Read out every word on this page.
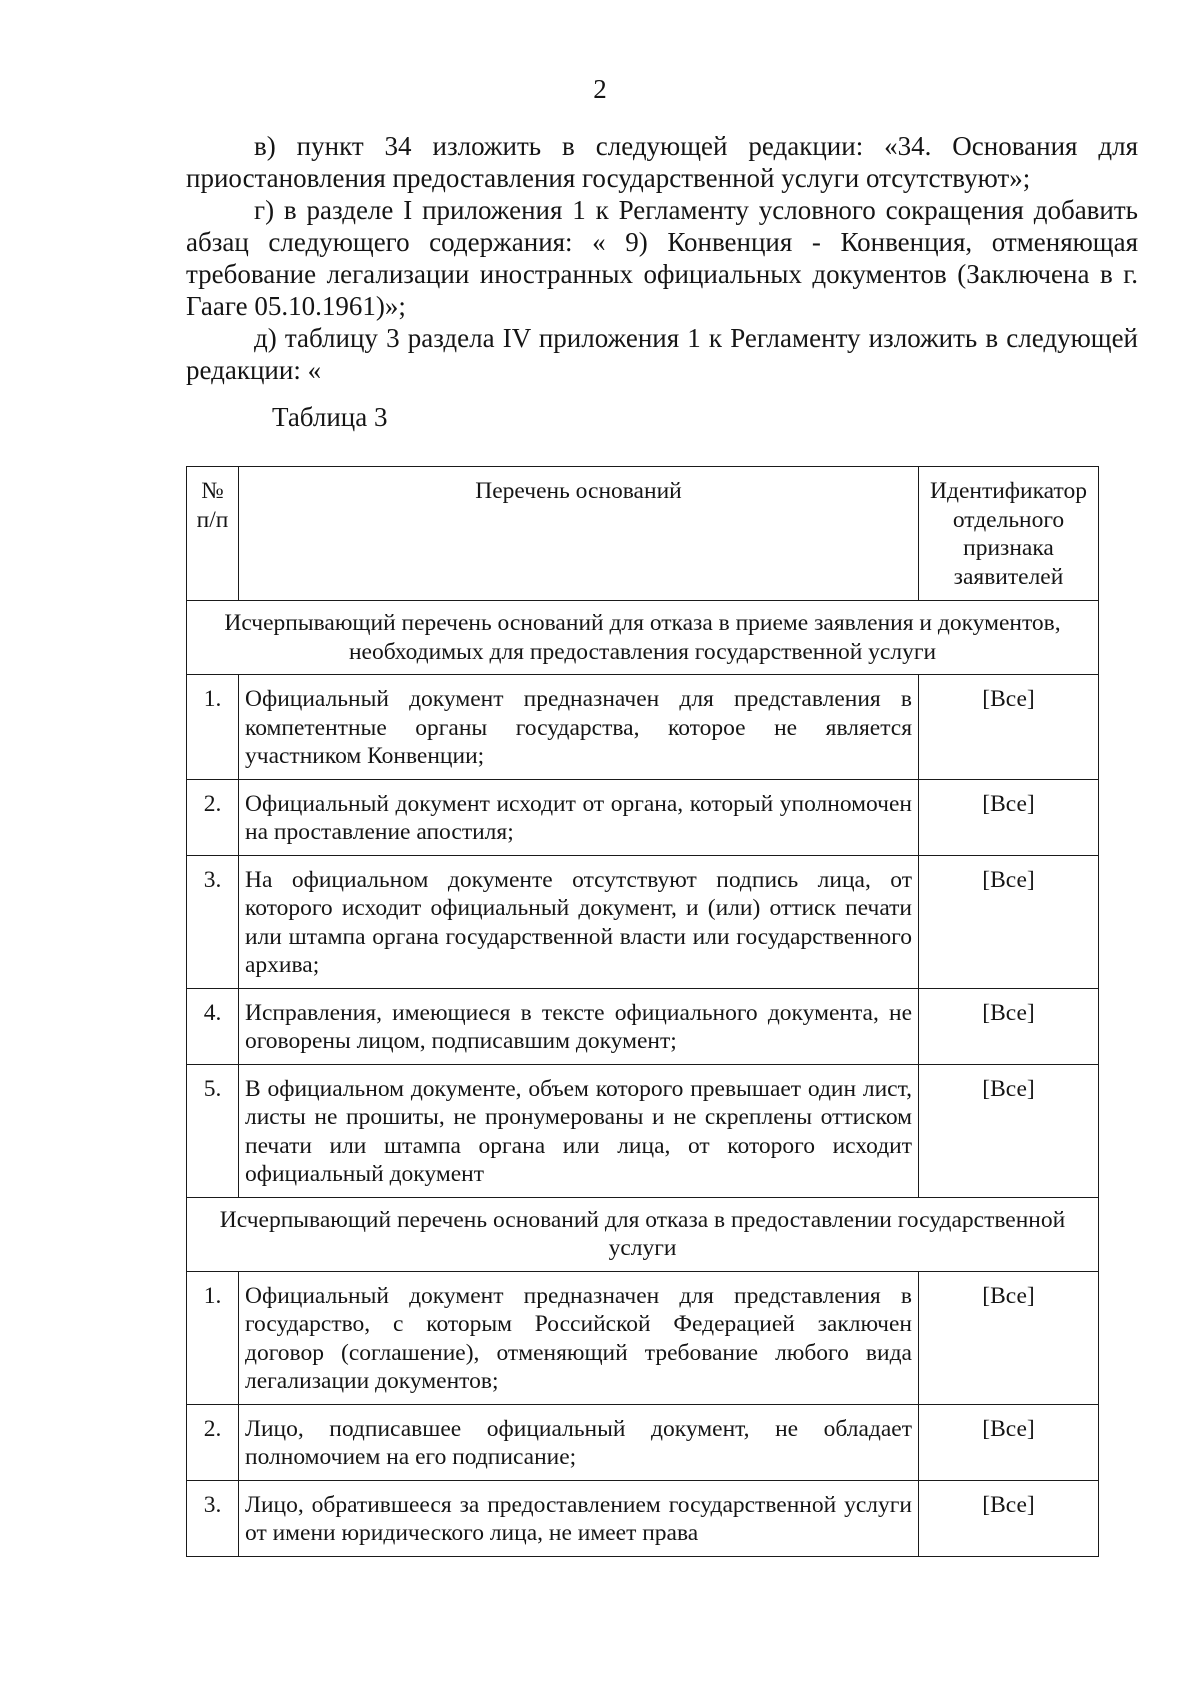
2
в) пункт 34 изложить в следующей редакции: «34. Основания для приостановления предоставления государственной услуги отсутствуют»;
г) в разделе I приложения 1 к Регламенту условного сокращения добавить абзац следующего содержания: « 9) Конвенция - Конвенция, отменяющая требование легализации иностранных официальных документов (Заключена в г. Гааге 05.10.1961)»;
д) таблицу 3 раздела IV приложения 1 к Регламенту изложить в следующей редакции: «
Таблица 3
№ п/п	Перечень оснований	Идентификатор отдельного признака заявителей
Исчерпывающий перечень оснований для отказа в приеме заявления и документов, необходимых для предоставления государственной услуги		
1.	Официальный документ предназначен для представления в компетентные органы государства, которое не является участником Конвенции;	[Все]
2.	Официальный документ исходит от органа, который уполномочен на проставление апостиля;	[Все]
3.	На официальном документе отсутствуют подпись лица, от которого исходит официальный документ, и (или) оттиск печати или штампа органа государственной власти или государственного архива;	[Все]
4.	Исправления, имеющиеся в тексте официального документа, не оговорены лицом, подписавшим документ;	[Все]
5.	В официальном документе, объем которого превышает один лист, листы не прошиты, не пронумерованы и не скреплены оттиском печати или штампа органа или лица, от которого исходит официальный документ	[Все]
Исчерпывающий перечень оснований для отказа в предоставлении государственной услуги		
1.	Официальный документ предназначен для представления в государство, с которым Российской Федерацией заключен договор (соглашение), отменяющий требование любого вида легализации документов;	[Все]
2.	Лицо, подписавшее официальный документ, не обладает полномочием на его подписание;	[Все]
3.	Лицо, обратившееся за предоставлением государственной услуги от имени юридического лица, не имеет права	[Все]
